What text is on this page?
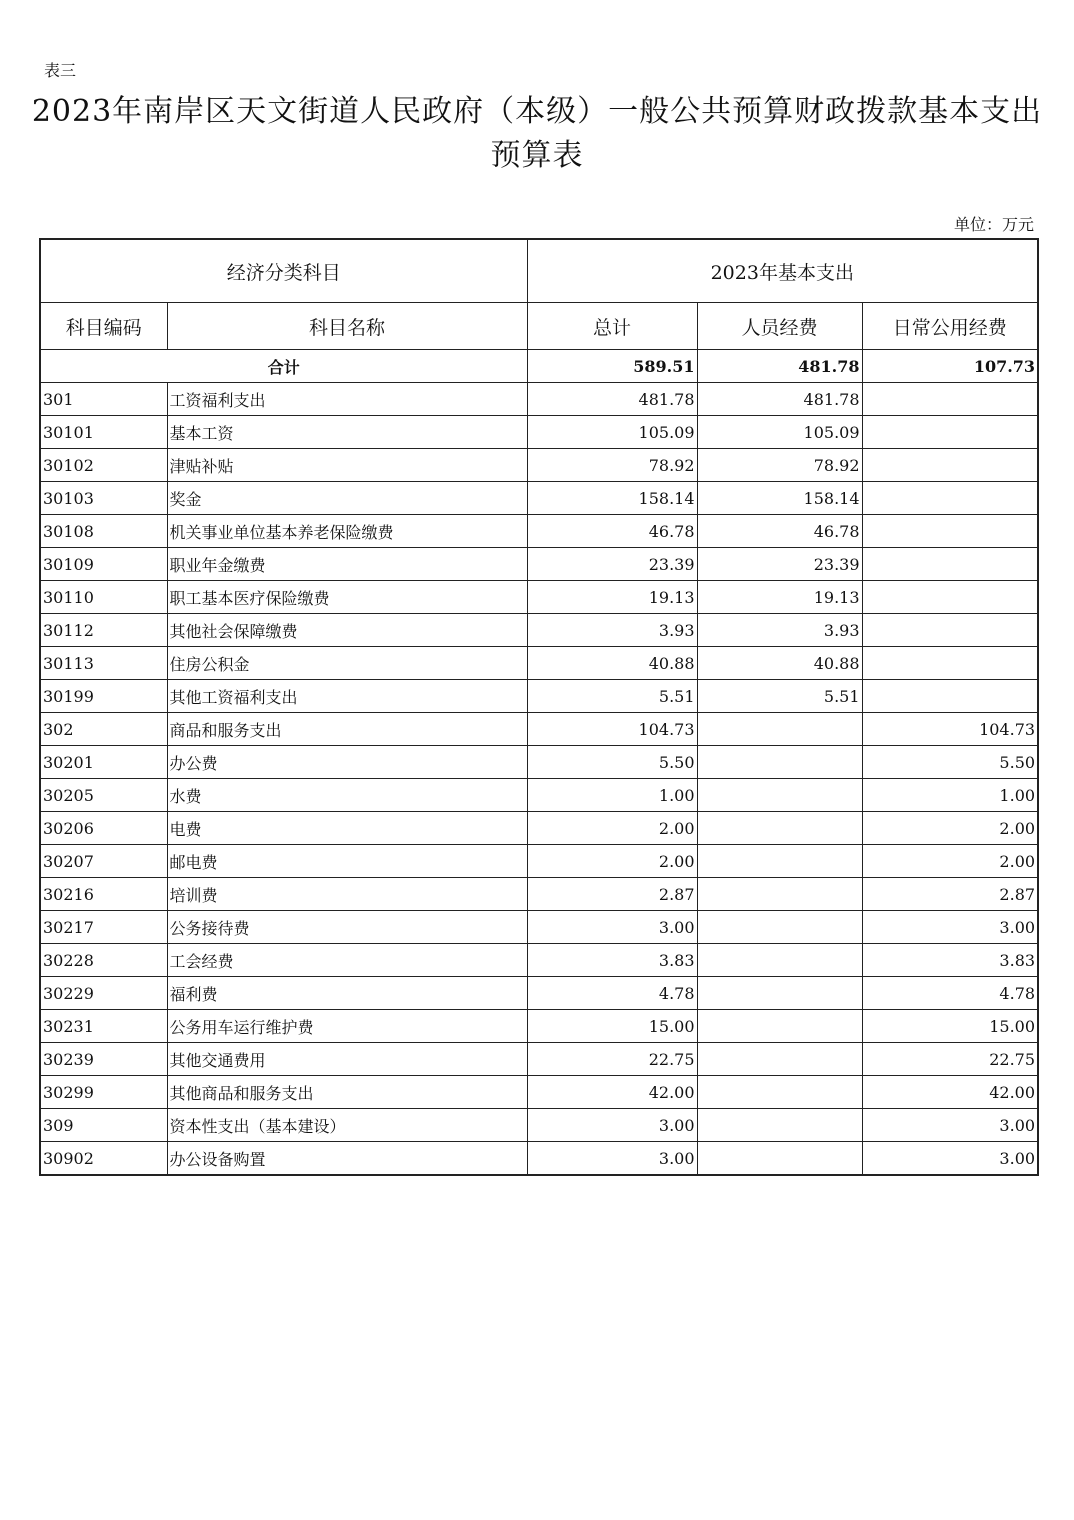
表三
2023年南岸区天文街道人民政府（本级）一般公共预算财政拨款基本支出预算表
单位：万元
经济分类科目		2023年基本支出		
科目编码	科目名称	总计	人员经费	日常公用经费
合计		589.51	481.78	107.73
301	工资福利支出	481.78	481.78	
30101	基本工资	105.09	105.09	
30102	津贴补贴	78.92	78.92	
30103	奖金	158.14	158.14	
30108	机关事业单位基本养老保险缴费	46.78	46.78	
30109	职业年金缴费	23.39	23.39	
30110	职工基本医疗保险缴费	19.13	19.13	
30112	其他社会保障缴费	3.93	3.93	
30113	住房公积金	40.88	40.88	
30199	其他工资福利支出	5.51	5.51	
302	商品和服务支出	104.73		104.73
30201	办公费	5.50		5.50
30205	水费	1.00		1.00
30206	电费	2.00		2.00
30207	邮电费	2.00		2.00
30216	培训费	2.87		2.87
30217	公务接待费	3.00		3.00
30228	工会经费	3.83		3.83
30229	福利费	4.78		4.78
30231	公务用车运行维护费	15.00		15.00
30239	其他交通费用	22.75		22.75
30299	其他商品和服务支出	42.00		42.00
309	资本性支出（基本建设）	3.00		3.00
30902	办公设备购置	3.00		3.00
